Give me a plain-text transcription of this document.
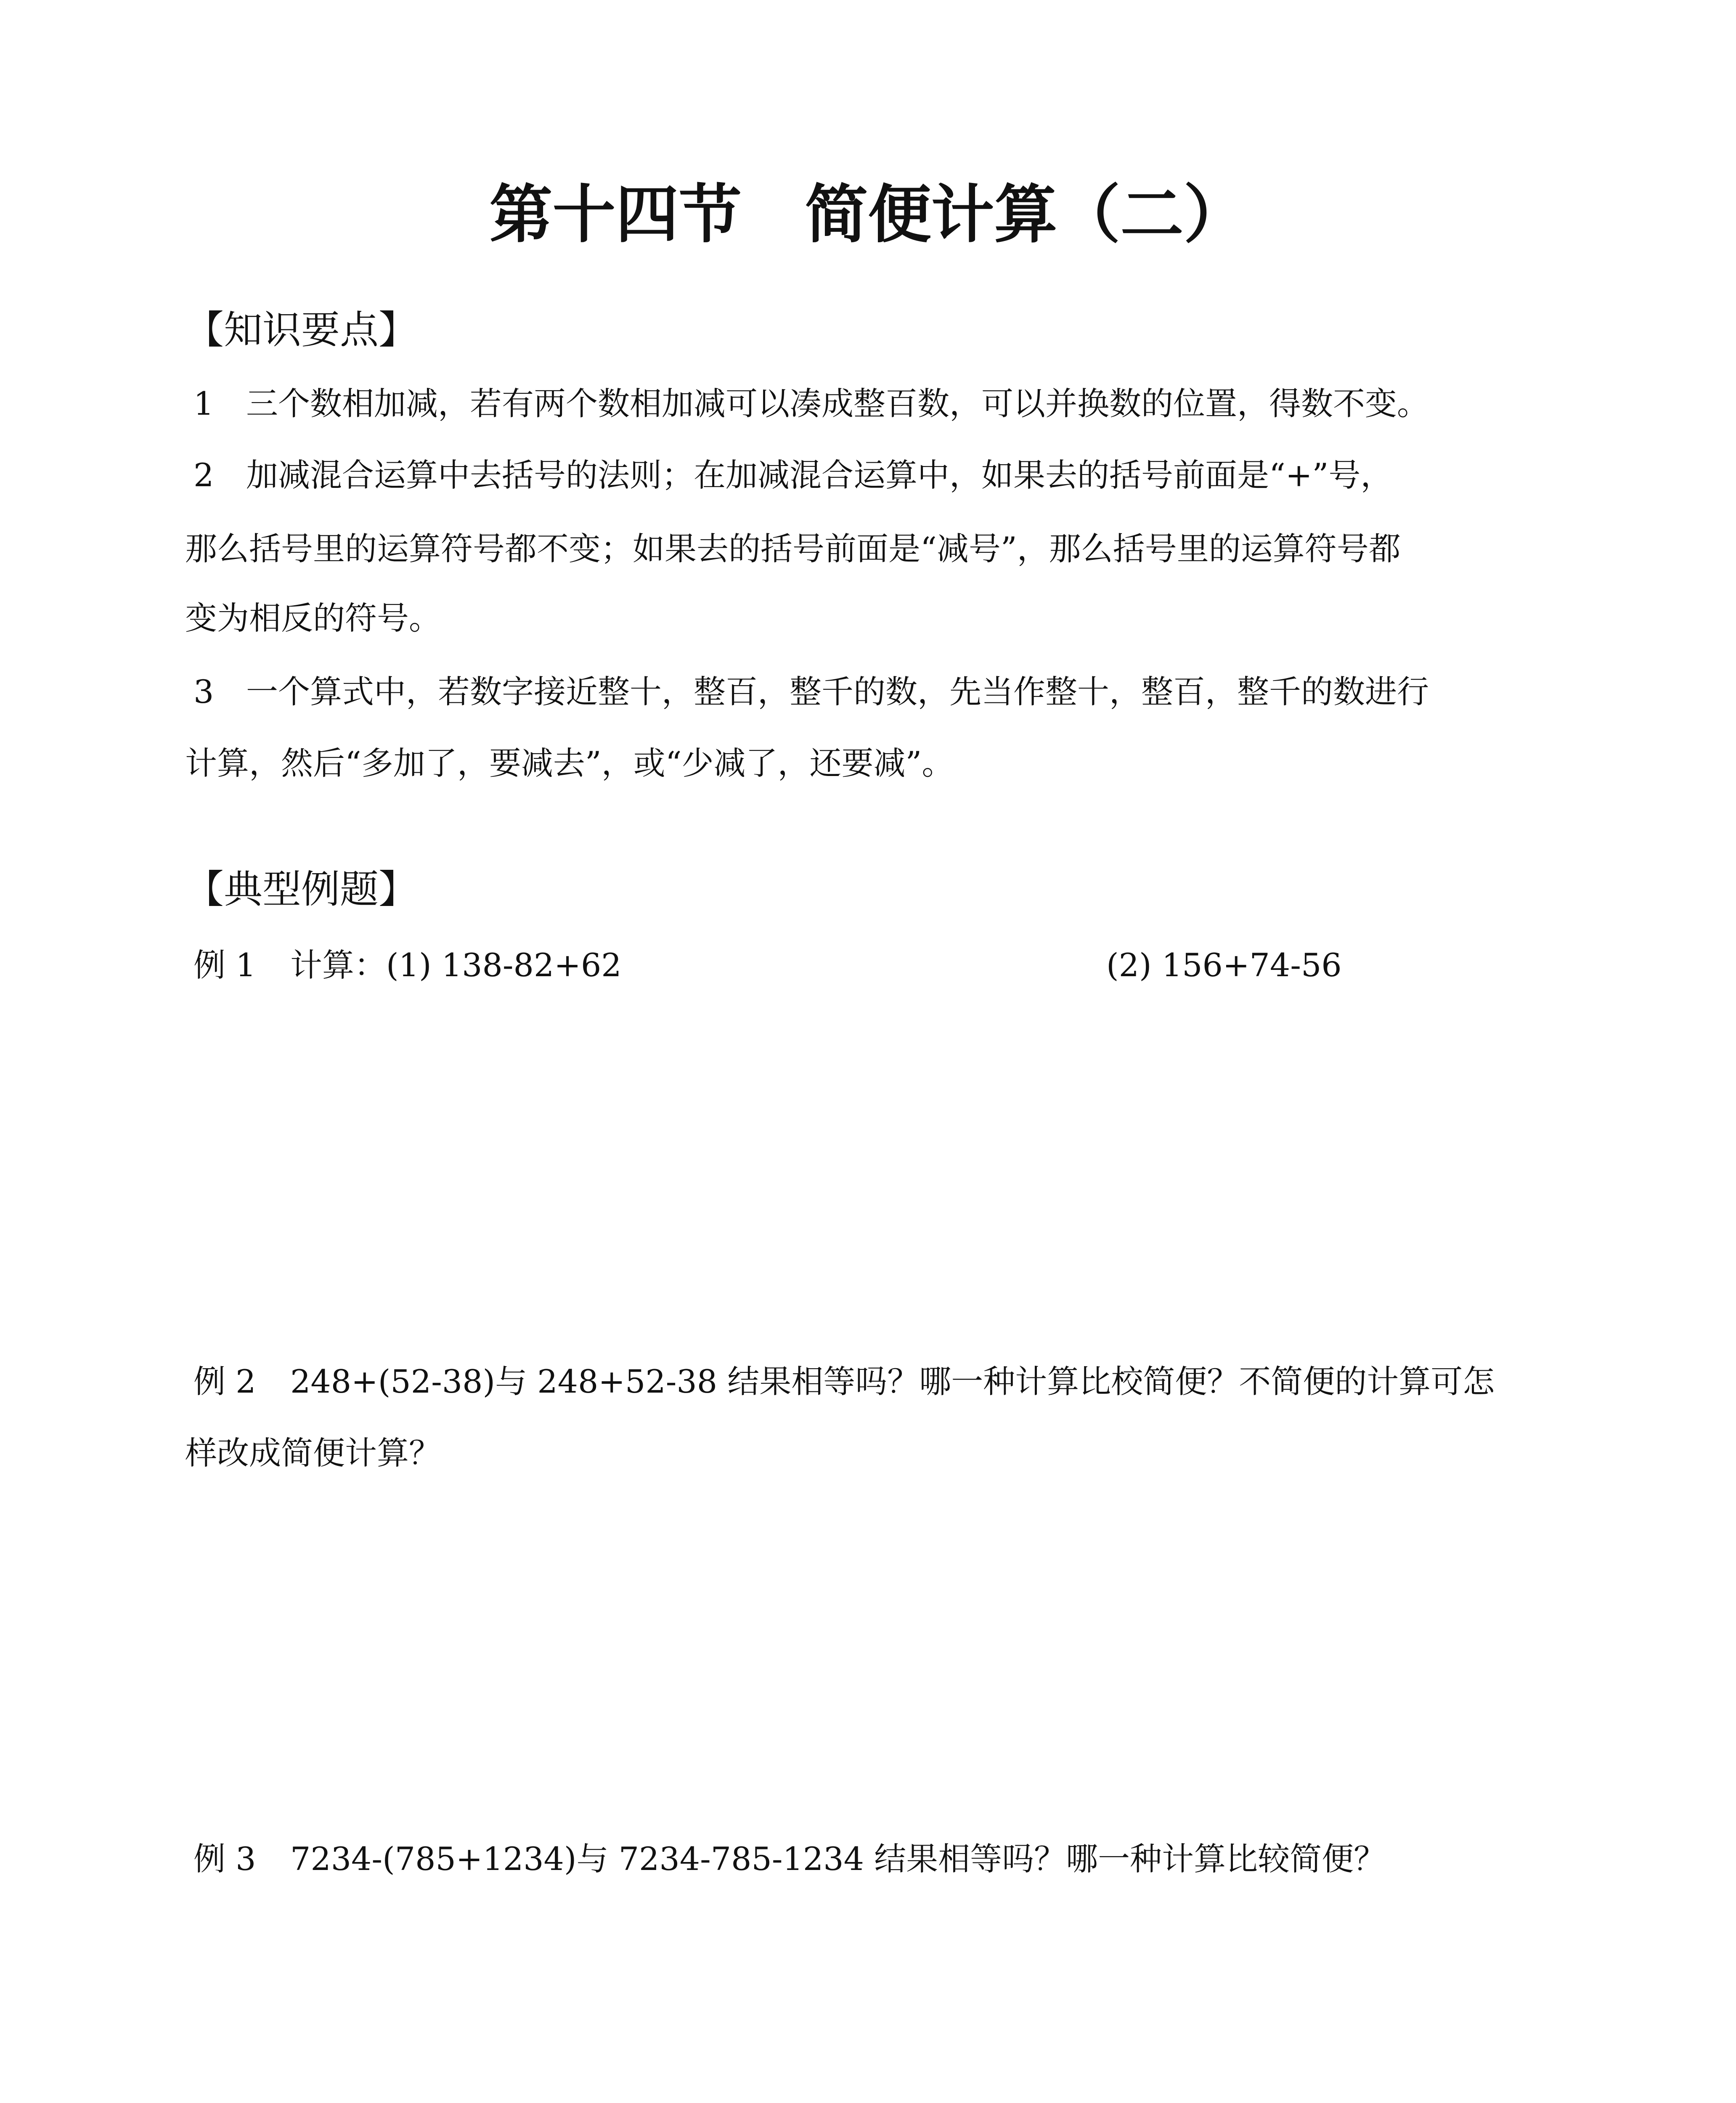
第十四节　简便计算（二）
【知识要点】
1 三个数相加减，若有两个数相加减可以凑成整百数，可以并换数的位置，得数不变。
2 加减混合运算中去括号的法则；在加减混合运算中，如果去的括号前面是“+”号，
那么括号里的运算符号都不变；如果去的括号前面是“减号”，那么括号里的运算符号都
变为相反的符号。
3 一个算式中，若数字接近整十，整百，整千的数，先当作整十，整百，整千的数进行
计算，然后“多加了，要减去”，或“少减了，还要减”。
【典型例题】
例 1 计算：(1) 138-82+62	(2) 156+74-56
例 2 248+(52-38)与 248+52-38 结果相等吗？哪一种计算比校简便？不简便的计算可怎
样改成简便计算？
例 3 7234-(785+1234)与 7234-785-1234 结果相等吗？哪一种计算比较简便？
